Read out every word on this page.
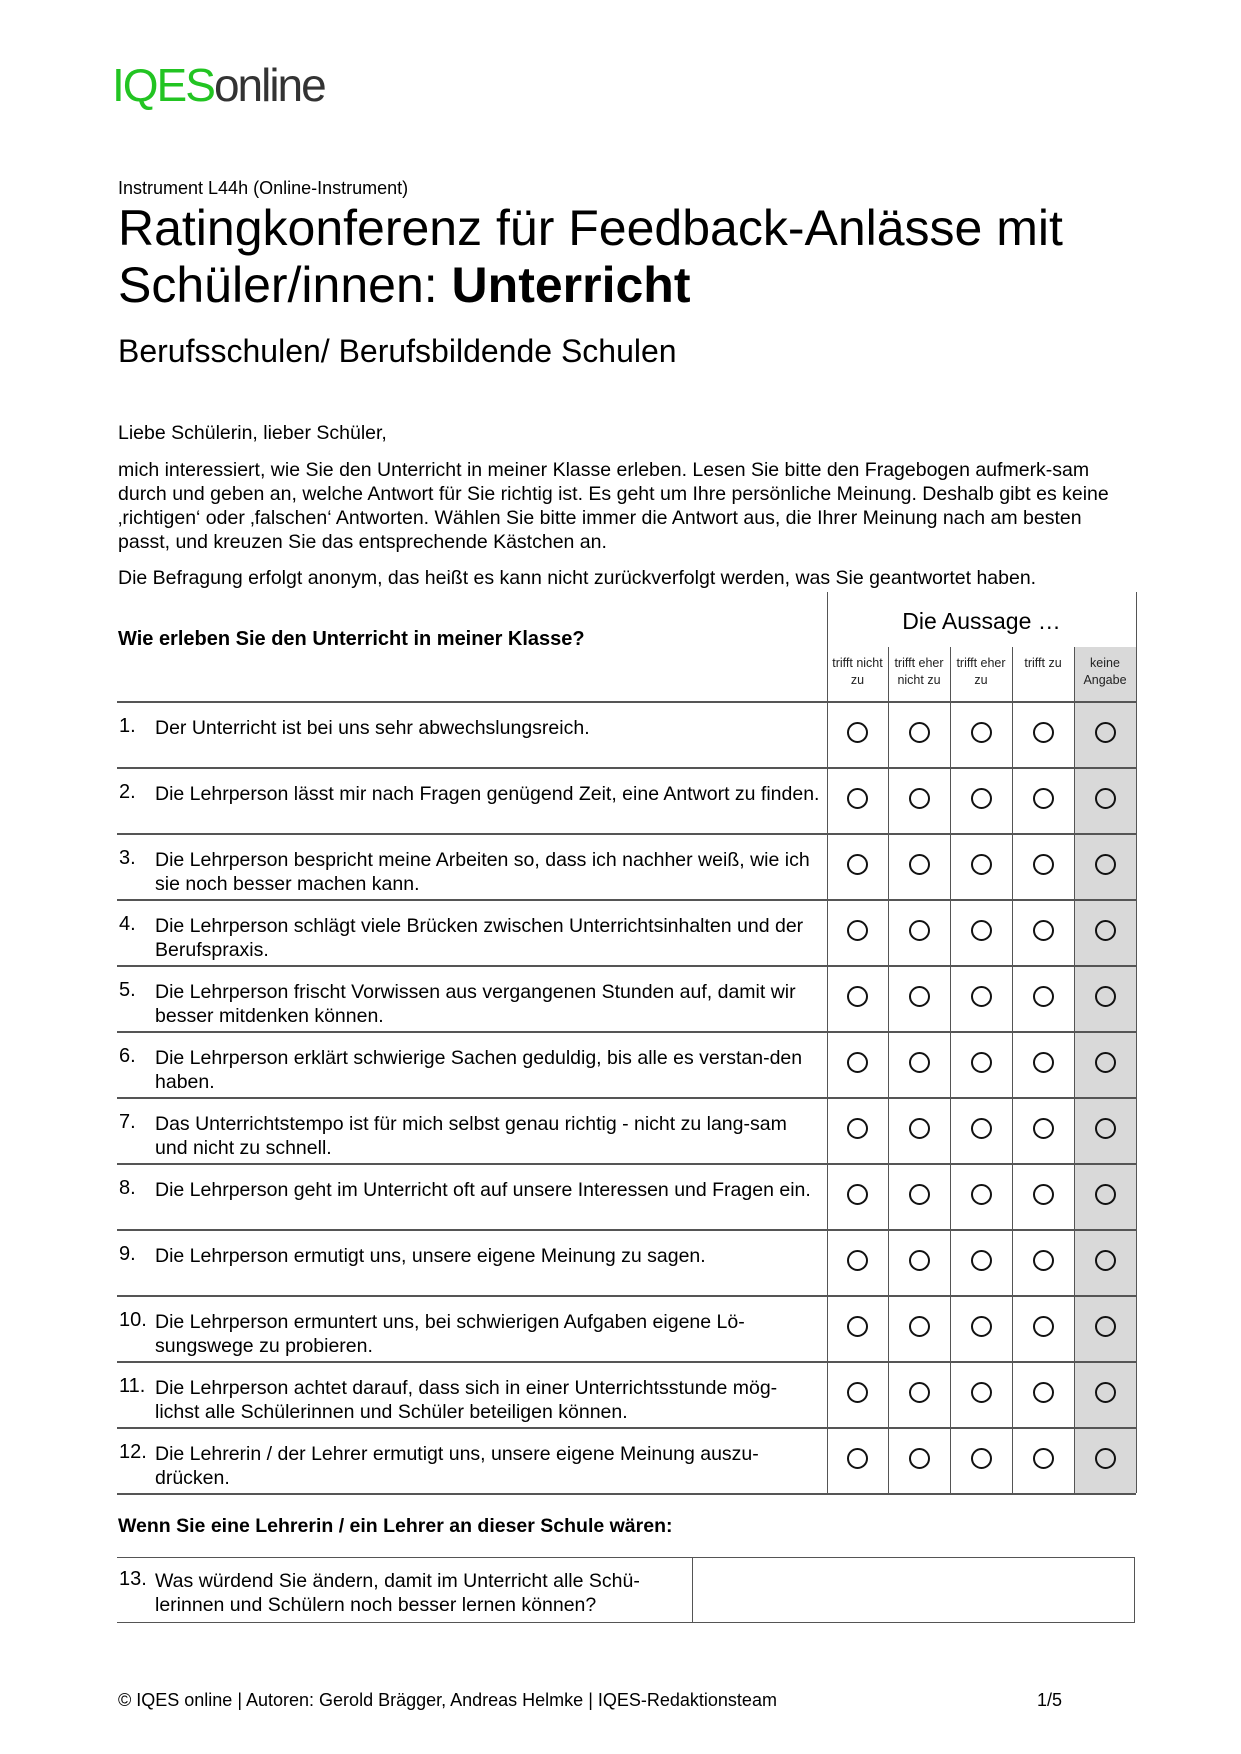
IQESonline
Instrument L44h (Online-Instrument)
Ratingkonferenz für Feedback-Anlässe mit Schüler/innen: Unterricht
Berufsschulen/ Berufsbildende Schulen
Liebe Schülerin, lieber Schüler,
mich interessiert, wie Sie den Unterricht in meiner Klasse erleben. Lesen Sie bitte den Fragebogen aufmerk-sam durch und geben an, welche Antwort für Sie richtig ist. Es geht um Ihre persönliche Meinung. Deshalb gibt es keine ‚richtigen‘ oder ‚falschen‘ Antworten. Wählen Sie bitte immer die Antwort aus, die Ihrer Meinung nach am besten passt, und kreuzen Sie das entsprechende Kästchen an.
Die Befragung erfolgt anonym, das heißt es kann nicht zurückverfolgt werden, was Sie geantwortet haben.
Wie erleben Sie den Unterricht in meiner Klasse?
Die Aussage …
trifft nicht zu
trifft eher nicht zu
trifft eher zu
trifft zu	keine Angabe
1. Der Unterricht ist bei uns sehr abwechslungsreich.
2. Die Lehrperson lässt mir nach Fragen genügend Zeit, eine Antwort zu finden.
3. Die Lehrperson bespricht meine Arbeiten so, dass ich nachher weiß, wie ich sie noch besser machen kann.
4. Die Lehrperson schlägt viele Brücken zwischen Unterrichtsinhalten und der Berufspraxis.
5. Die Lehrperson frischt Vorwissen aus vergangenen Stunden auf, damit wir besser mitdenken können.
6. Die Lehrperson erklärt schwierige Sachen geduldig, bis alle es verstan-den haben.
7. Das Unterrichtstempo ist für mich selbst genau richtig - nicht zu lang-sam und nicht zu schnell.
8. Die Lehrperson geht im Unterricht oft auf unsere Interessen und Fragen ein.
9. Die Lehrperson ermutigt uns, unsere eigene Meinung zu sagen.
10. Die Lehrperson ermuntert uns, bei schwierigen Aufgaben eigene Lö-sungswege zu probieren.
11. Die Lehrperson achtet darauf, dass sich in einer Unterrichtsstunde mög-lichst alle Schülerinnen und Schüler beteiligen können.
12. Die Lehrerin / der Lehrer ermutigt uns, unsere eigene Meinung auszu-drücken.
Wenn Sie eine Lehrerin / ein Lehrer an dieser Schule wären:
13. Was würdend Sie ändern, damit im Unterricht alle Schü-lerinnen und Schülern noch besser lernen können?
© IQES online | Autoren: Gerold Brägger, Andreas Helmke | IQES-Redaktionsteam	1/5
